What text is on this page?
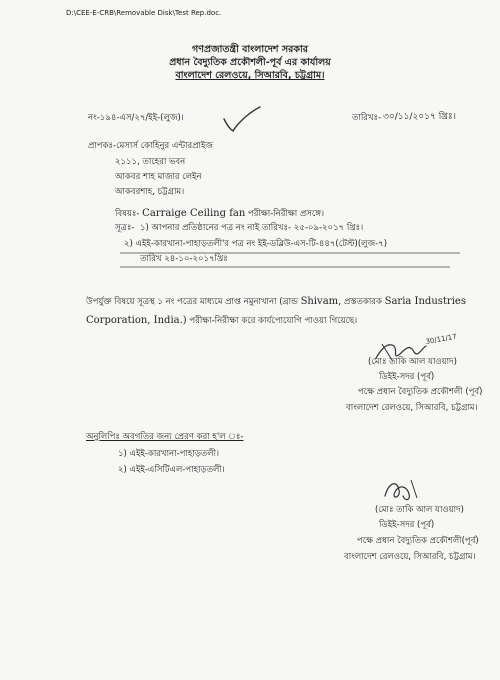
D:\CEE-E-CRB\Removable Disk\Test Rep.doc.
গণপ্রজাতন্ত্রী বাংলাদেশ সরকার
প্রধান বৈদ্যুতিক প্রকৌশলী-পূর্ব এর কার্যালয়
বাংলাদেশ রেলওয়ে, সিআরবি, চট্টগ্রাম।
নং-১৯৪-এস/২৭/ইই-(লুজ)।	তারিখঃ- ৩০/১১/২০১৭ খ্রিঃ।
প্রাপকঃ-মেসার্স কোহিনুর এন্টারপ্রাইজ
২১১১, তাহেরা ভবন
আকবর শাহ মাজার লেইন
আকবরশাহ, চট্টগ্রাম।
বিষয়ঃ- Carraige Ceiling fan পরীক্ষা-নিরীক্ষা প্রসঙ্গে।
সূত্রঃ- ১) আপনার প্রতিষ্ঠানের পত্র নং নাই তারিখঃ- ২৫-০৯-২০১৭ খ্রিঃ।
২) এইই-কারখানা-পাহাড়তলী'র পত্র নং ইই-ডব্লিউ-এস-টি-৪৪৭(টেস্ট)(লুজ-৭)
তারিখ ২৪-১০-২০১৭খ্রিঃ
উপর্যুক্ত বিষয়ে সূত্রস্থ ১ নং পত্রের মাধ্যমে প্রাপ্ত নমুনাখানা (ব্রান্ড Shivam, প্রস্ততকারক Saria Industries
Corporation, India.) পরীক্ষা-নিরীক্ষা করে কার্যপোযোগি পাওয়া গিয়েছে।
30/11/17
(মোঃ তাকি আল যাওয়াদ)
ডিইই-সদর (পূর্ব)
পক্ষে প্রধান বৈদ্যুতিক প্রকৌশলী (পূর্ব)
বাংলাদেশ রেলওয়ে, সিআরবি, চট্টগ্রাম।
অনুলিপিঃ অবগতির জন্য প্রেরণ করা হ'ল ঃ-
১) এইই-কারখানা-পাহাড়তলী।
২) এইই-এসিটিএল-পাহাড়তলী।
(মোঃ তাকি আল যাওয়াদ)
ডিইই-সদর (পূর্ব)
পক্ষে প্রধান বৈদ্যুতিক প্রকৌশলী(পূর্ব)
বাংলাদেশ রেলওয়ে, সিআরবি, চট্টগ্রাম।
